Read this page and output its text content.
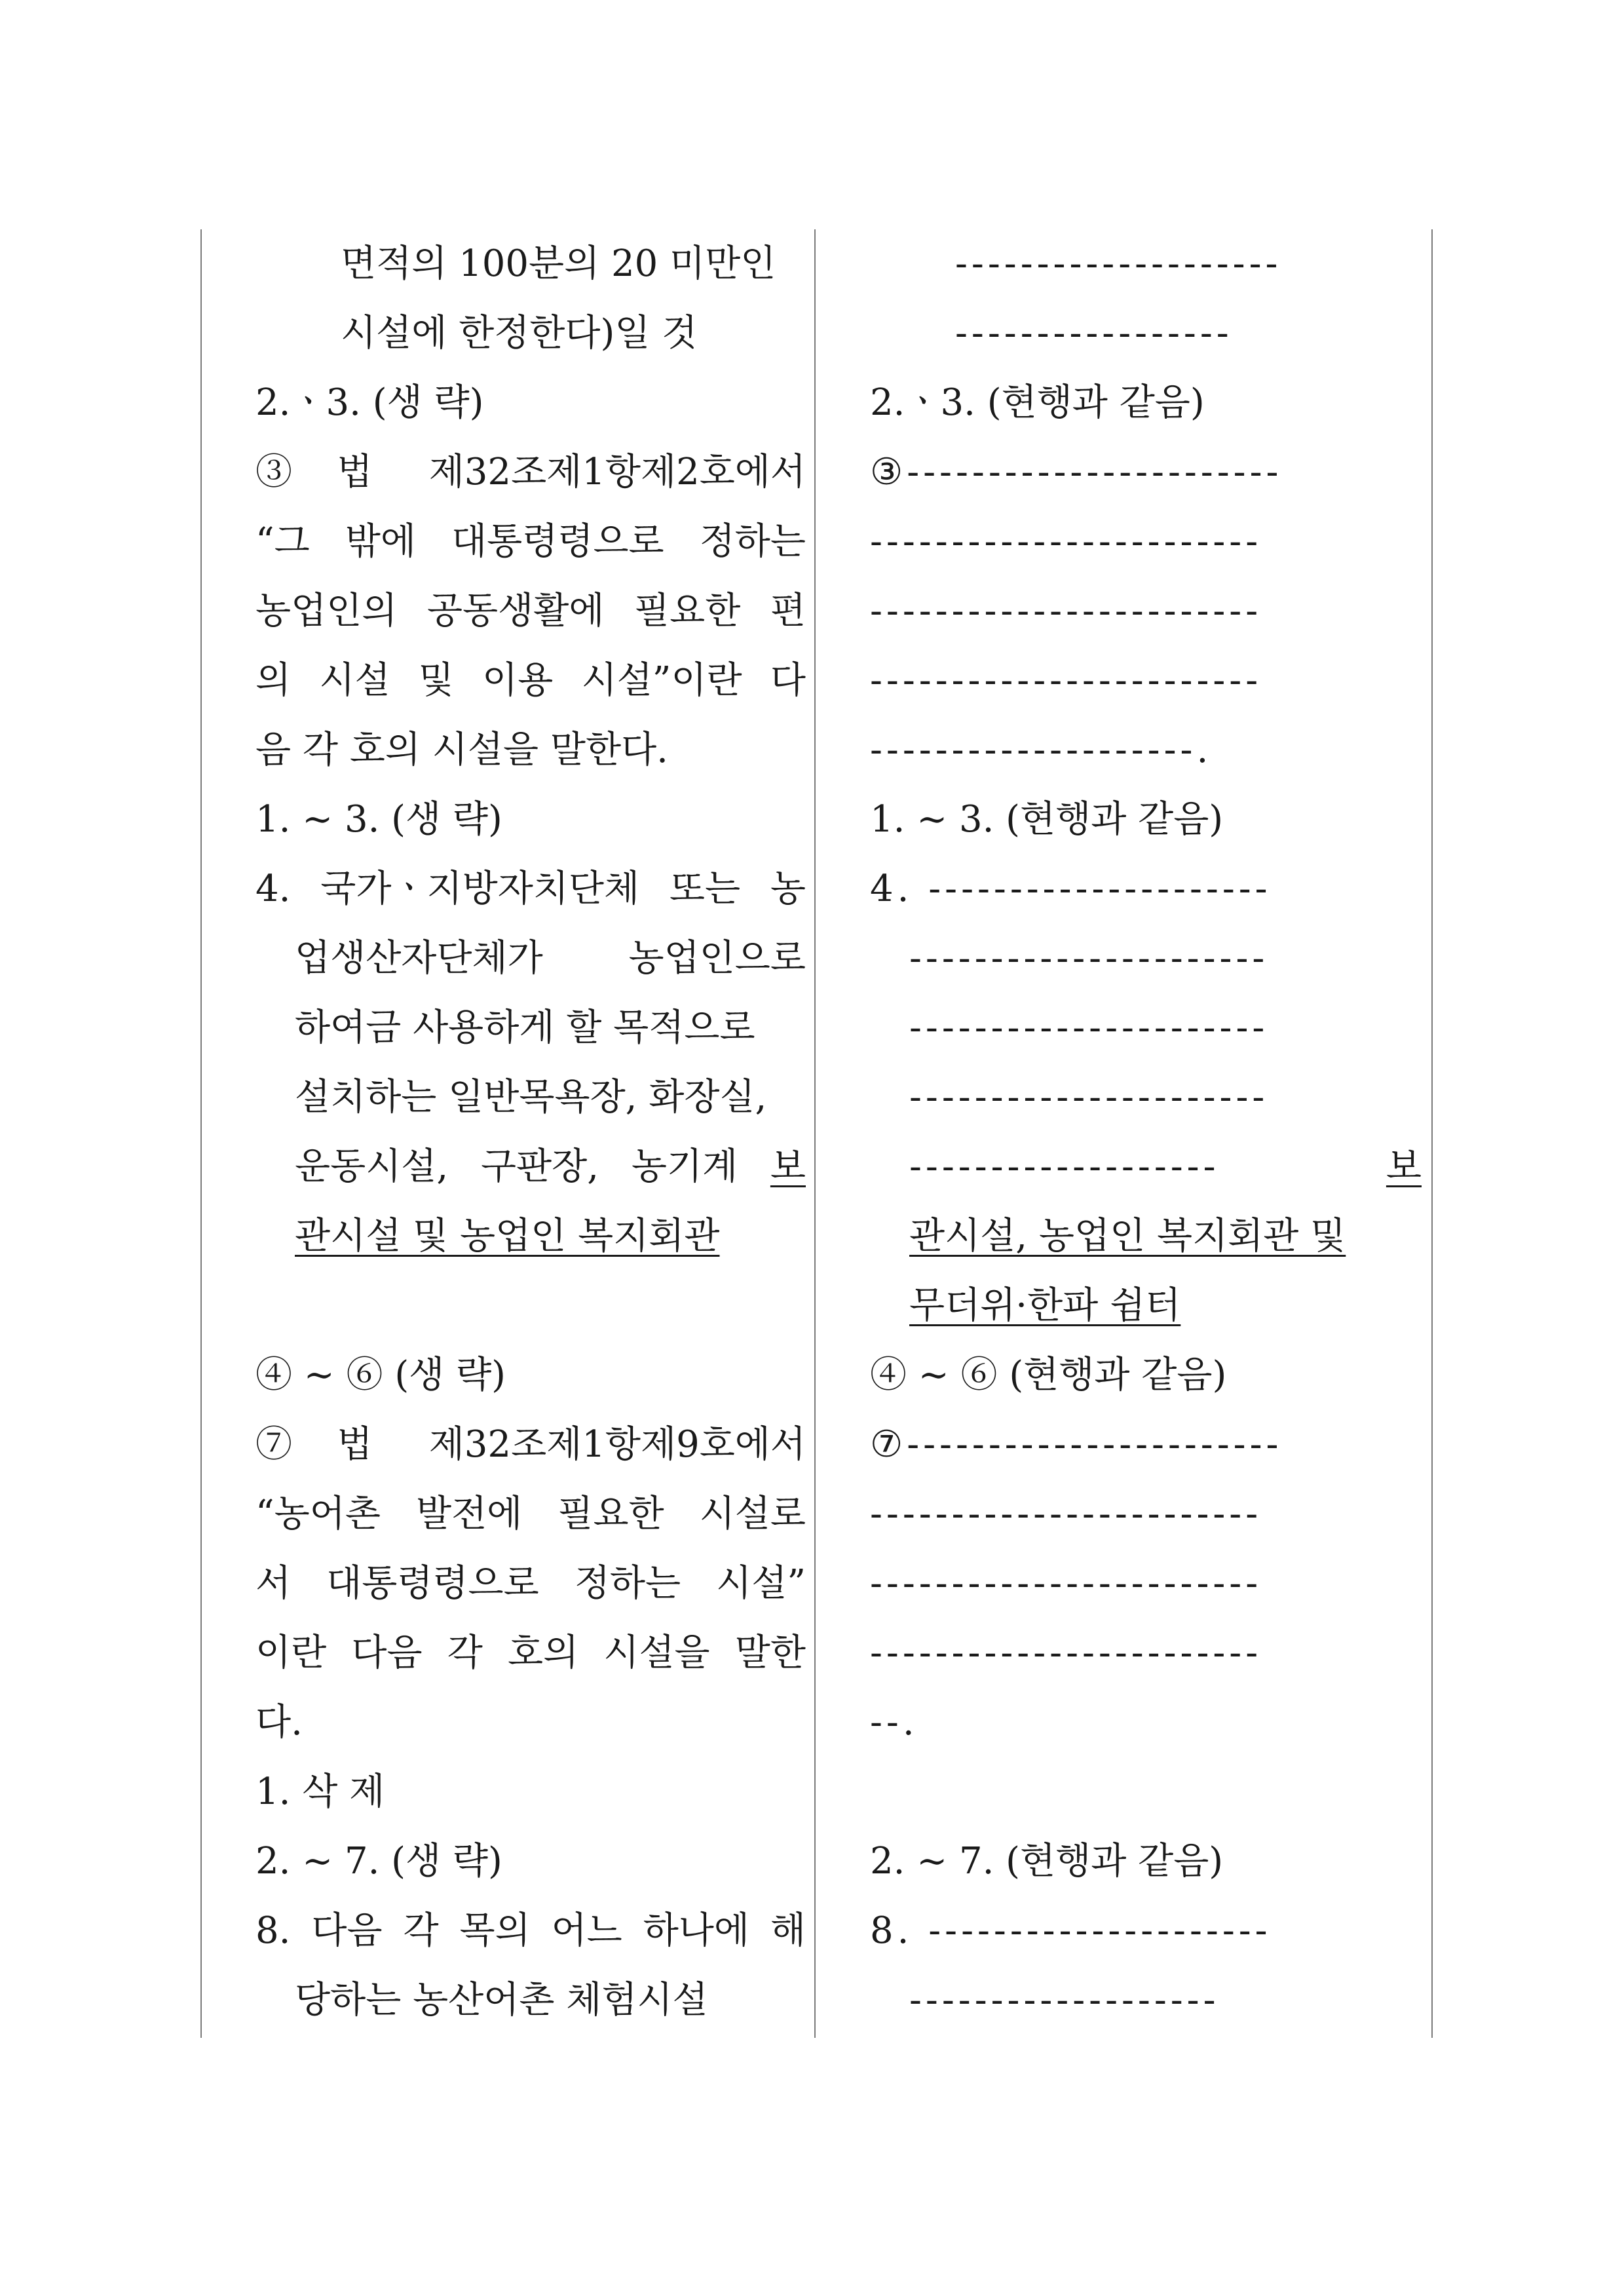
면적의 100분의 20 미만인
시설에 한정한다)일 것
2.ㆍ3. (생 략)
③법 제32조제1항제2호에서
“그 밖에 대통령령으로 정하는
농업인의 공동생활에 필요한 편
의 시설 및 이용 시설”이란 다
음 각 호의 시설을 말한다.
1. ∼ 3. (생 략)
4. 국가ㆍ지방자치단체 또는 농
업생산자단체가 농업인으로
하여금 사용하게 할 목적으로
설치하는 일반목욕장, 화장실,
운동시설, 구판장, 농기계 보
관시설 및 농업인 복지회관
④ ∼ ⑥ (생 략)
⑦법 제32조제1항제9호에서
“농어촌 발전에 필요한 시설로
서 대통령령으로 정하는 시설”
이란 다음 각 호의 시설을 말한
다.
1. 삭 제
2. ∼ 7. (생 략)
8. 다음 각 목의 어느 하나에 해
당하는 농산어촌 체험시설
--------------------
-----------------
2.ㆍ3. (현행과 같음)
③-----------------------
------------------------
------------------------
------------------------
--------------------.
1. ∼ 3. (현행과 같음)
4. ---------------------
----------------------
----------------------
----------------------
-------------------	보
관시설, 농업인 복지회관 및
무더위·한파 쉼터
④ ∼ ⑥ (현행과 같음)
⑦-----------------------
------------------------
------------------------
------------------------
--.
2. ∼ 7. (현행과 같음)
8. ---------------------
-------------------
